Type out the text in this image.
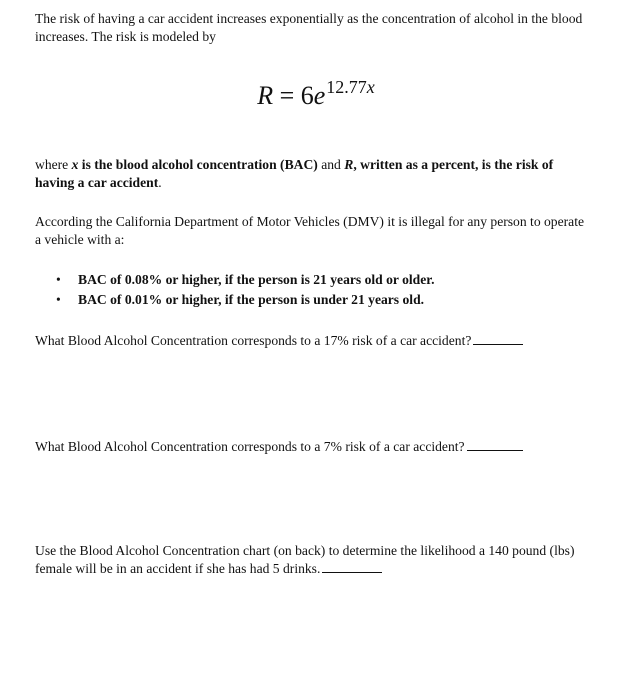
The risk of having a car accident increases exponentially as the concentration of alcohol in the blood increases. The risk is modeled by
$R = 6e^{12.77x}$
where x is the blood alcohol concentration (BAC) and R, written as a percent, is the risk of having a car accident.
According the California Department of Motor Vehicles (DMV) it is illegal for any person to operate a vehicle with a:
• BAC of 0.08% or higher, if the person is 21 years old or older.
• BAC of 0.01% or higher, if the person is under 21 years old.
What Blood Alcohol Concentration corresponds to a 17% risk of a car accident?
What Blood Alcohol Concentration corresponds to a 7% risk of a car accident?
Use the Blood Alcohol Concentration chart (on back) to determine the likelihood a 140 pound (lbs) female will be in an accident if she has had 5 drinks.
